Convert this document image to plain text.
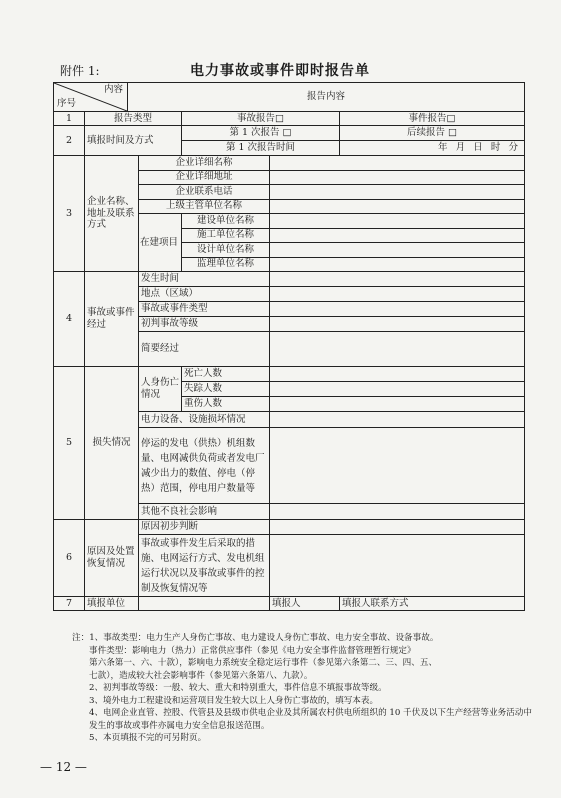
附件 1:	电力事故或事件即时报告单
内容
序号		报告内容				
1	报告类型			事故报告□		事件报告□
2	填报时间及方式			第 1 次报告 □		后续报告 □
				第 1 次报告时间		年 月 日 时 分

3	企业名称、地址及联系方式		企业详细名称			
			企业详细地址			
			企业联系电话			
			上级主管单位名称			
			在建项目	建设单位名称		
				施工单位名称		
				设计单位名称		
				监理单位名称		
4	事故或事件经过		发生时间			
			地点（区域）			
			事故或事件类型			
			初判事故等级			
			简要经过			
5	损失情况		人身伤亡情况	死亡人数		
				失踪人数		
				重伤人数		
			电力设备、设施损坏情况			
			停运的发电（供热）机组数量、电网减供负荷或者发电厂减少出力的数值、停电（停热）范围，停电用户数量等			
			其他不良社会影响			
6	原因及处置恢复情况		原因初步判断			
			事故或事件发生后采取的措施、电网运行方式、发电机组运行状况以及事故或事件的控制及恢复情况等			
7	填报单位				填报人	填报人联系方式

注：1、事故类型：电力生产人身伤亡事故、电力建设人身伤亡事故、电力安全事故、设备事故。

事件类型：影响电力（热力）正常供应事件（参见《电力安全事件监督管理暂行规定》

第六条第一、六、十款），影响电力系统安全稳定运行事件（参见第六条第二、三、四、五、

七款），造成较大社会影响事件（参见第六条第八、九款）。

2、初判事故等级：一般、较大、重大和特别重大，事件信息不填报事故等级。

3、境外电力工程建设和运营项目发生较大以上人身伤亡事故的，填写本表。

4、电网企业直管、控股、代管县及县级市供电企业及其所属农村供电所组织的 10 千伏及以下生产经营等业务活动中发生的事故或事件亦属电力安全信息报送范围。

5、本页填报不完的可另附页。

— 12 —
